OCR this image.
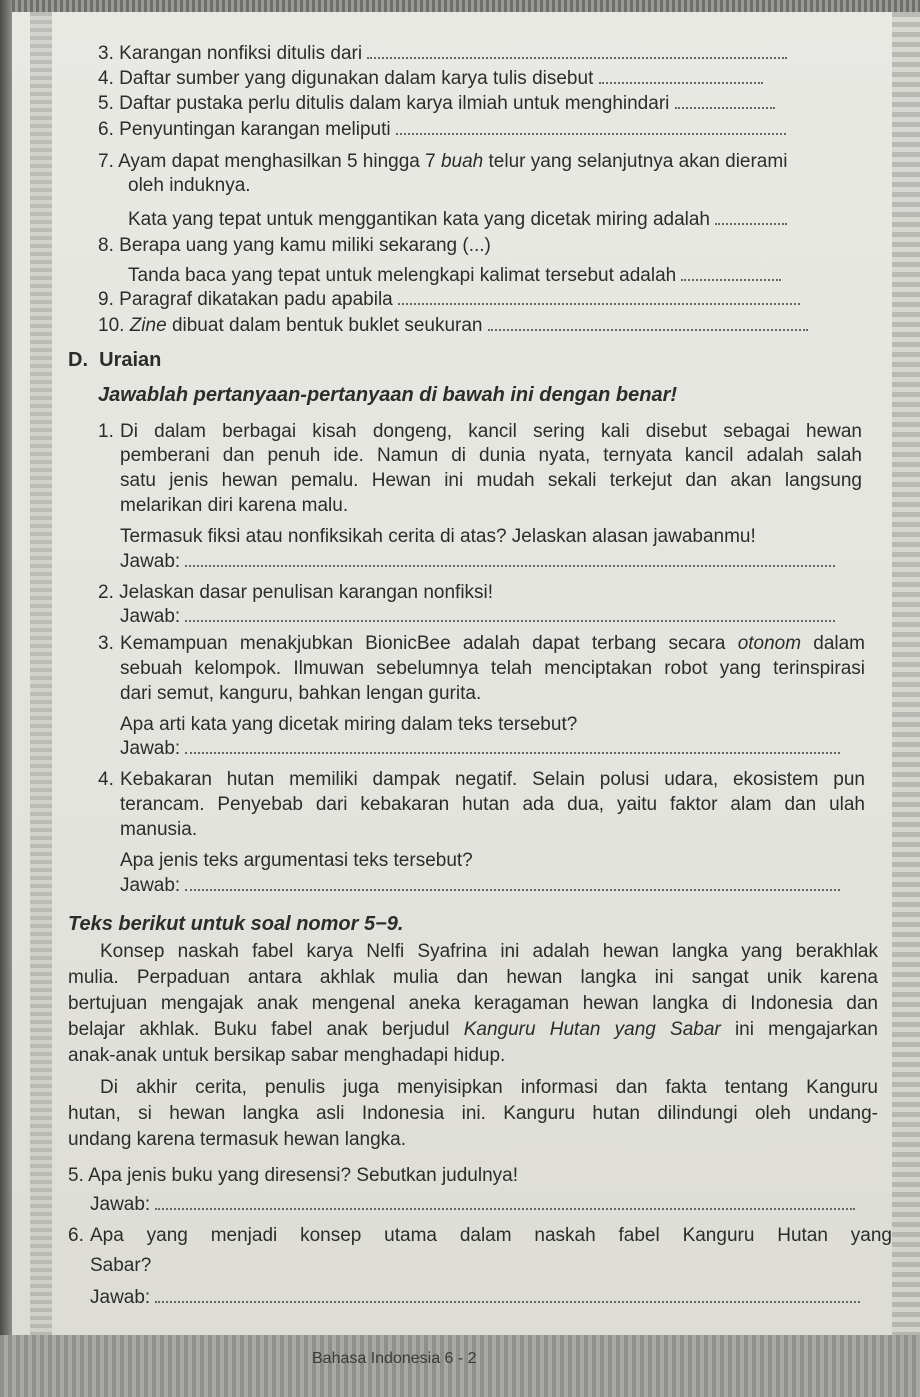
3. Karangan nonfiksi ditulis dari
4. Daftar sumber yang digunakan dalam karya tulis disebut
5. Daftar pustaka perlu ditulis dalam karya ilmiah untuk menghindari
6. Penyuntingan karangan meliputi
7. Ayam dapat menghasilkan 5 hingga 7 buah telur yang selanjutnya akan dierami
oleh induknya.
Kata yang tepat untuk menggantikan kata yang dicetak miring adalah
8. Berapa uang yang kamu miliki sekarang (...)
Tanda baca yang tepat untuk melengkapi kalimat tersebut adalah
9. Paragraf dikatakan padu apabila
10. Zine dibuat dalam bentuk buklet seukuran
D. Uraian
Jawablah pertanyaan-pertanyaan di bawah ini dengan benar!
1. Di dalam berbagai kisah dongeng, kancil sering kali disebut sebagai hewan
pemberani dan penuh ide. Namun di dunia nyata, ternyata kancil adalah salah
satu jenis hewan pemalu. Hewan ini mudah sekali terkejut dan akan langsung
melarikan diri karena malu.
Termasuk fiksi atau nonfiksikah cerita di atas? Jelaskan alasan jawabanmu!
Jawab:
2. Jelaskan dasar penulisan karangan nonfiksi!
Jawab:
3. Kemampuan menakjubkan BionicBee adalah dapat terbang secara otonom dalam
sebuah kelompok. Ilmuwan sebelumnya telah menciptakan robot yang terinspirasi
dari semut, kanguru, bahkan lengan gurita.
Apa arti kata yang dicetak miring dalam teks tersebut?
Jawab:
4. Kebakaran hutan memiliki dampak negatif. Selain polusi udara, ekosistem pun
terancam. Penyebab dari kebakaran hutan ada dua, yaitu faktor alam dan ulah
manusia.
Apa jenis teks argumentasi teks tersebut?
Jawab:
Teks berikut untuk soal nomor 5−9.
Konsep naskah fabel karya Nelfi Syafrina ini adalah hewan langka yang berakhlak
mulia. Perpaduan antara akhlak mulia dan hewan langka ini sangat unik karena
bertujuan mengajak anak mengenal aneka keragaman hewan langka di Indonesia dan
belajar akhlak. Buku fabel anak berjudul Kanguru Hutan yang Sabar ini mengajarkan
anak-anak untuk bersikap sabar menghadapi hidup.
Di akhir cerita, penulis juga menyisipkan informasi dan fakta tentang Kanguru
hutan, si hewan langka asli Indonesia ini. Kanguru hutan dilindungi oleh undang-
undang karena termasuk hewan langka.
5. Apa jenis buku yang diresensi? Sebutkan judulnya!
Jawab:
6. Apa yang menjadi konsep utama dalam naskah fabel Kanguru Hutan yang
Sabar?
Jawab:
Bahasa Indonesia 6 - 2
